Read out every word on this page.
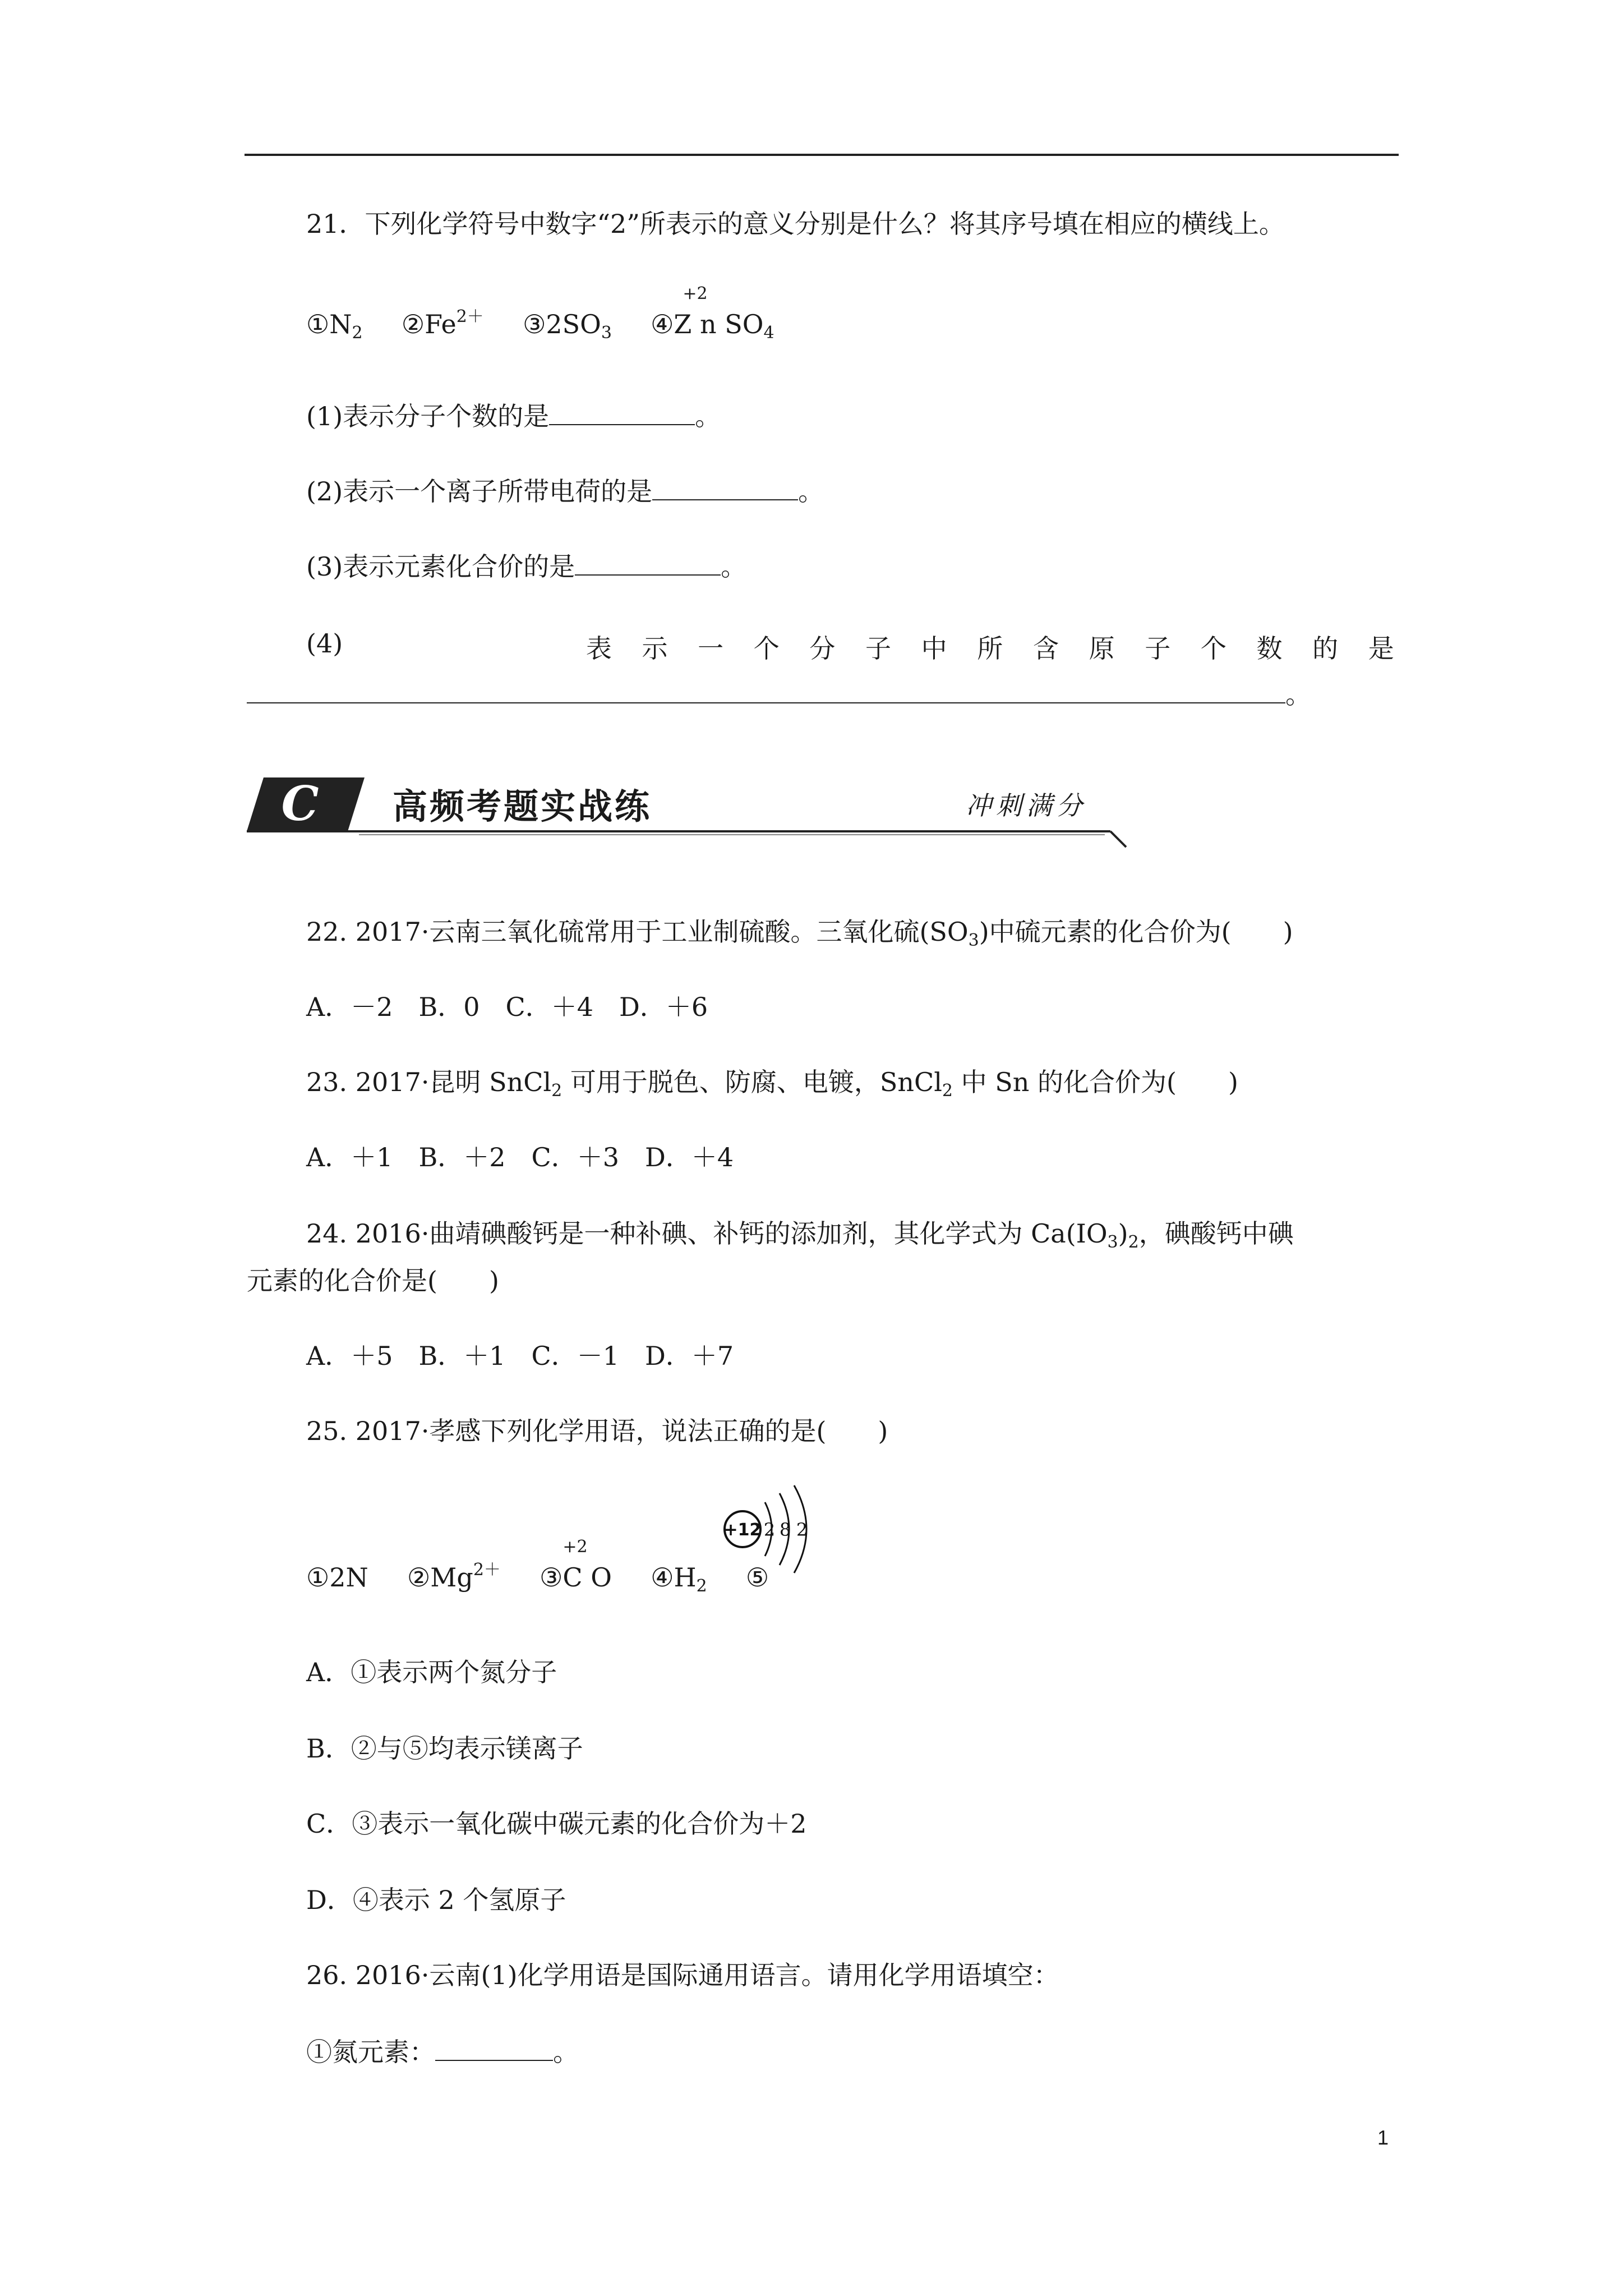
21．下列化学符号中数字“2”所表示的意义分别是什么？将其序号填在相应的横线上。
$①N_2$ $②Fe^{2+}$ $③2SO_3$ ④
+2
Z n $SO_4$
(1)表示分子个数的是	。
(2)表示一个离子所带电荷的是	。
(3)表示元素化合价的是	。
(4)	表 示 一 个 分 子 中 所 含 原 子 个 数 的 是
。
C 高频考题实战练	冲刺满分
22. 2017·云南三氧化硫常用于工业制硫酸。三氧化硫$(SO_3)$中硫元素的化合价为(　　)
A．－2　B．0　C．＋4　D．＋6
23. 2017·昆明 SnCl$_2$ 可用于脱色、防腐、电镀，SnCl$_2$ 中 Sn 的化合价为(　　)
A．＋1　B．＋2　C．＋3　D．＋4
24. 2016·曲靖碘酸钙是一种补碘、补钙的添加剂，其化学式为 $Ca(IO_3)_2$，碘酸钙中碘
元素的化合价是(　　)
A．＋5　B．＋1　C．－1　D．＋7
25. 2017·孝感下列化学用语，说法正确的是(　　)
①2N $②Mg^{2+}$ ③
+2
C O $④H_2$ ⑤
+12 2 8 2
A．①表示两个氮分子
B．②与⑤均表示镁离子
C．③表示一氧化碳中碳元素的化合价为＋2
D．④表示 2 个氢原子
26. 2016·云南(1)化学用语是国际通用语言。请用化学用语填空：
①氮元素：	。
1
